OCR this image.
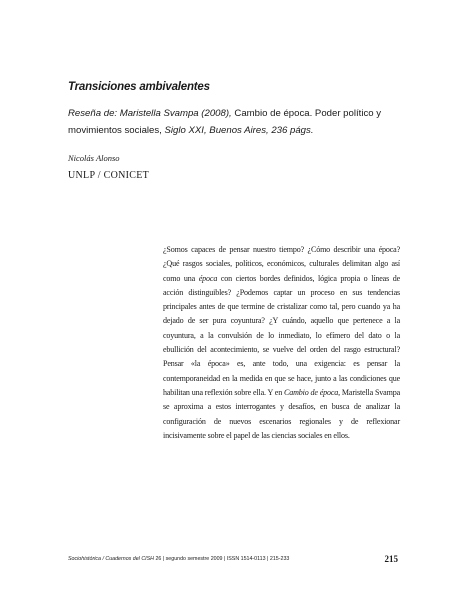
Transiciones ambivalentes

Reseña de: Maristella Svampa (2008), Cambio de época. Poder político y movimientos sociales, Siglo XXI, Buenos Aires, 236 págs.

Nicolás Alonso

UNLP / CONICET

¿Somos capaces de pensar nuestro tiempo? ¿Cómo describir una época? ¿Qué rasgos sociales, políticos, económicos, culturales delimitan algo así como una época con ciertos bordes definidos, lógica propia o líneas de acción distinguibles? ¿Podemos captar un proceso en sus tendencias principales antes de que termine de cristalizar como tal, pero cuando ya ha dejado de ser pura coyuntura? ¿Y cuándo, aquello que pertenece a la coyuntura, a la convulsión de lo inmediato, lo efímero del dato o la ebullición del acontecimiento, se vuelve del orden del rasgo estructural? Pensar «la época» es, ante todo, una exigencia: es pensar la contemporaneidad en la medida en que se hace, junto a las condiciones que habilitan una reflexión sobre ella. Y en Cambio de época, Maristella Svampa se aproxima a estos interrogantes y desafíos, en busca de analizar la configuración de nuevos escenarios regionales y de reflexionar incisivamente sobre el papel de las ciencias sociales en ellos.

Sociohistórica / Cuadernos del CISH 26 | segundo semestre 2009 | ISSN 1514-0113 | 215-233	215
